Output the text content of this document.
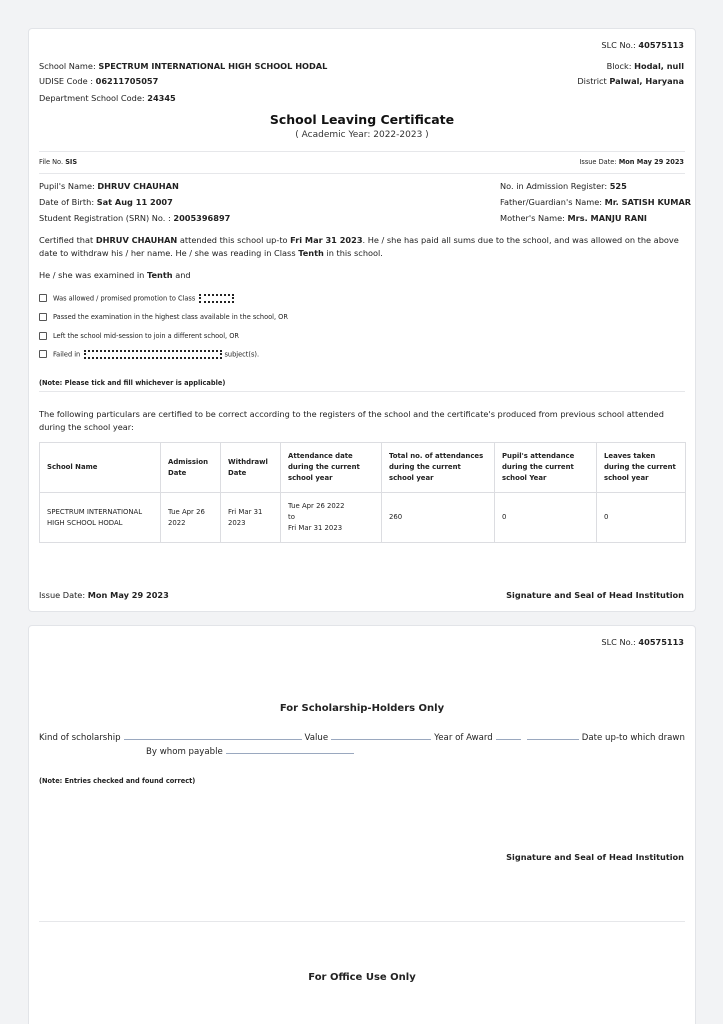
SLC No.: 40575113
School Name: SPECTRUM INTERNATIONAL HIGH SCHOOL HODAL
UDISE Code : 06211705057
Department School Code: 24345
Block: Hodal, null
District Palwal, Haryana
School Leaving Certificate
( Academic Year: 2022-2023 )
File No. SIS	Issue Date: Mon May 29 2023
Pupil's Name: DHRUV CHAUHAN
Date of Birth: Sat Aug 11 2007
Student Registration (SRN) No. : 2005396897
No. in Admission Register: 525
Father/Guardian's Name: Mr. SATISH KUMAR
Mother's Name: Mrs. MANJU RANI
Certified that DHRUV CHAUHAN attended this school up-to Fri Mar 31 2023. He / she has paid all sums due to the school, and was allowed on the above date to withdraw his / her name. He / she was reading in Class Tenth in this school.
He / she was examined in Tenth and
Was allowed / promised promotion to Class
Passed the examination in the highest class available in the school, OR
Left the school mid-session to join a different school, OR
Failed in	subject(s).
(Note: Please tick and fill whichever is applicable)
The following particulars are certified to be correct according to the registers of the school and the certificate's produced from previous school attended during the school year:
School Name	Admission Date	Withdrawl Date	Attendance date during the current school year	Total no. of attendances during the current school year	Pupil's attendance during the current school Year	Leaves taken during the current school year
SPECTRUM INTERNATIONAL HIGH SCHOOL HODAL	Tue Apr 26 2022	Fri Mar 31 2023	Tue Apr 26 2022
to
Fri Mar 31 2023	260	0	0
Issue Date: Mon May 29 2023	Signature and Seal of Head Institution
SLC No.: 40575113
For Scholarship-Holders Only
Kind of scholarship	Value	Year of Award	Date up-to which drawn
By whom payable
(Note: Entries checked and found correct)
Signature and Seal of Head Institution
For Office Use Only
